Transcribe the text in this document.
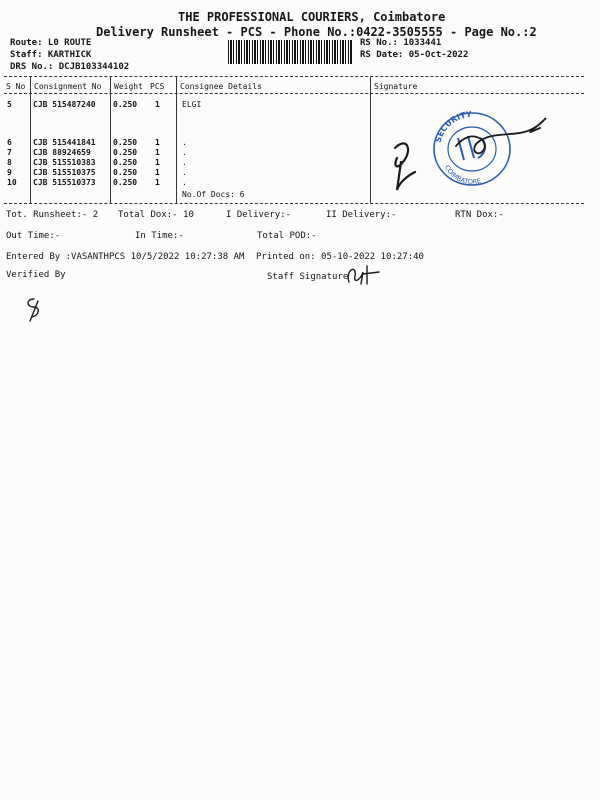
THE PROFESSIONAL COURIERS, Coimbatore
Delivery Runsheet - PCS - Phone No.:0422-3505555 - Page No.:2
Route: L0 ROUTE
Staff: KARTHICK
DRS No.: DCJB103344102
RS No.: 1033441
RS Date: 05-Oct-2022
S No Consignment No Weight PCS Consignee Details	Signature
5	CJB 515487240 0.250 1	ELGI
6	CJB 515441841 0.250 1	.
7	CJB 88924659	0.250 1	.
8	CJB 515510383 0.250 1	.
9	CJB 515510375 0.250 1	.
10 CJB 515510373 0.250 1	.
No.Of Docs: 6
SECURITY
COIMBATORE
Tot. Runsheet:- 2 Total Dox:- 10	I Delivery:-	II Delivery:-	RTN Dox:-
Out Time:-	In Time:-	Total POD:-
Entered By :VASANTHPCS 10/5/2022 10:27:38 AM Printed on: 05-10-2022 10:27:40
Verified By	Staff Signature
